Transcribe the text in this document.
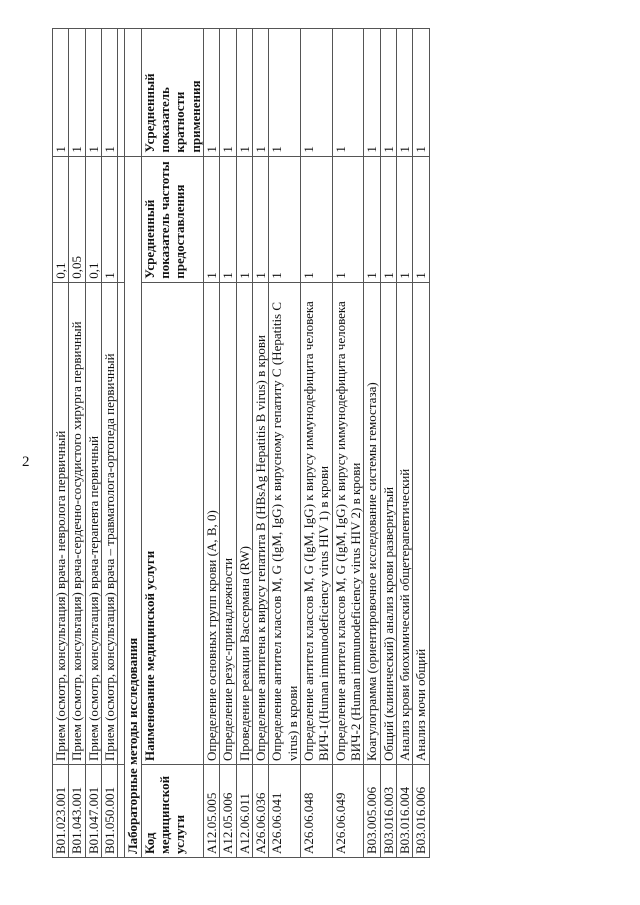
2
B01.023.001	Прием (осмотр, консультация) врача- невролога первичный	0,1	1
B01.043.001	Прием (осмотр, консультация) врача-сердечно-сосудистого хирурга первичный	0,05	1
B01.047.001	Прием (осмотр, консультация) врача-терапевта первичный	0,1	1
B01.050.001	Прием (осмотр, консультация) врача – травматолога-ортопеда первичный	1	1

Лабораторные методы исследования			
Код медицинской услуги	Наименование медицинской услуги	Усредненный показатель частоты предоставления	Усредненный показатель кратности применения
A12.05.005	Определение основных групп крови (A, B, 0)	1	1
A12.05.006	Определение резус-принадлежности	1	1
A12.06.011	Проведение реакции Вассермана (RW)	1	1
A26.06.036	Определение антигена к вирусу гепатита B (HBsAg Hepatitis B virus) в крови	1	1
A26.06.041	Определение антител классов M, G (IgM, IgG) к вирусному гепатиту C (Hepatitis C virus) в крови	1	1
A26.06.048	Определение антител классов M, G (IgM, IgG) к вирусу иммунодефицита человека ВИЧ-1(Human immunodeficiency virus HIV 1) в крови	1	1
A26.06.049	Определение антител классов M, G (IgM, IgG) к вирусу иммунодефицита человека ВИЧ-2 (Human immunodeficiency virus HIV 2) в крови	1	1
B03.005.006	Коагулограмма (ориентировочное исследование системы гемостаза)	1	1
B03.016.003	Общий (клинический) анализ крови развернутый	1	1
B03.016.004	Анализ крови биохимический общетерапевтический	1	1
B03.016.006	Анализ мочи общий	1	1
